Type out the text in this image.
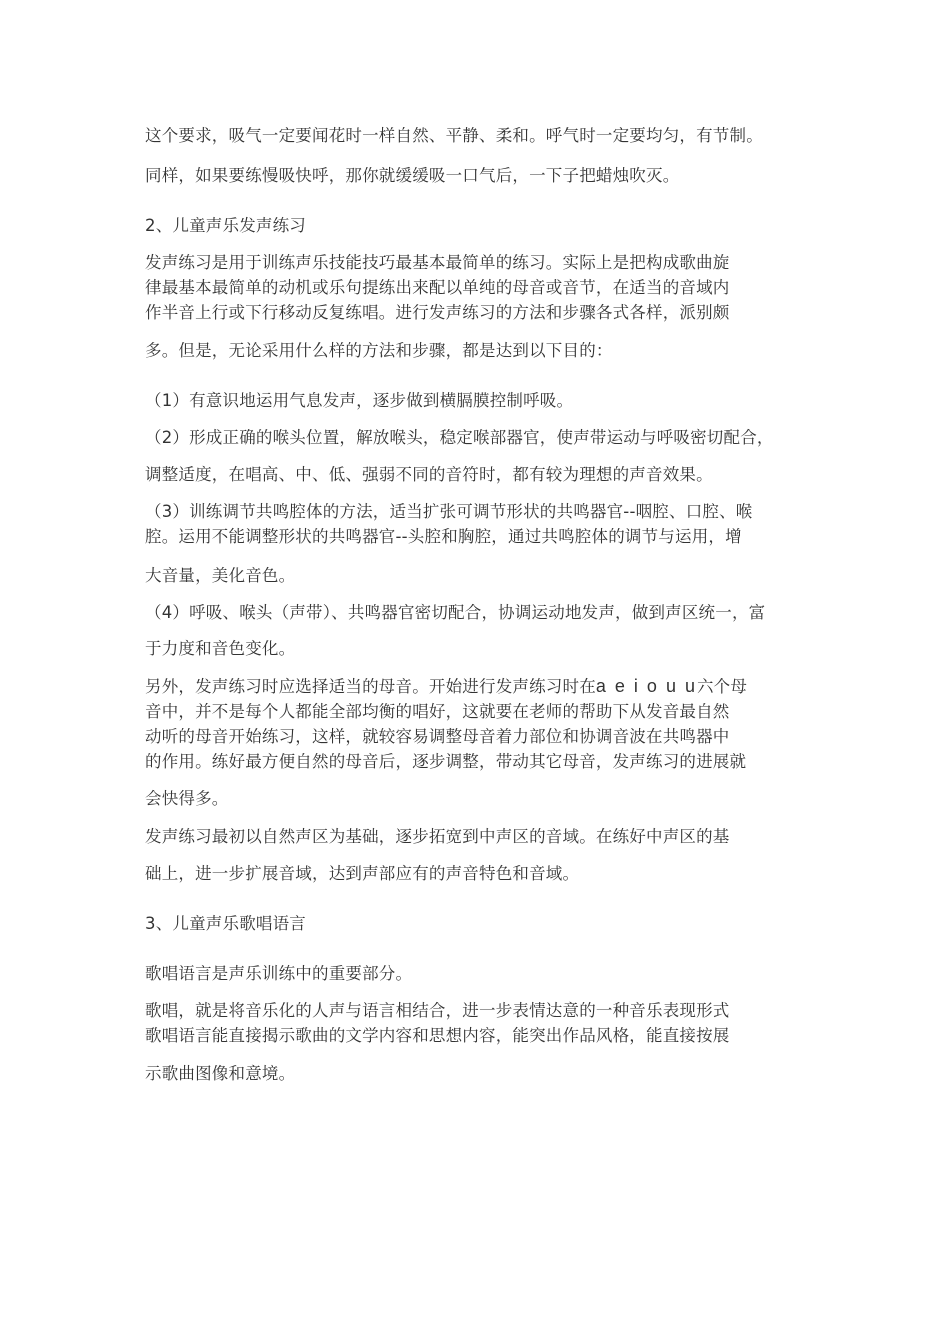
这个要求，吸气一定要闻花时一样自然、平静、柔和。呼气时一定要均匀，有节制。

同样，如果要练慢吸快呼，那你就缓缓吸一口气后，一下子把蜡烛吹灭。

2、儿童声乐发声练习

发声练习是用于训练声乐技能技巧最基本最简单的练习。实际上是把构成歌曲旋

律最基本最简单的动机或乐句提练出来配以单纯的母音或音节，在适当的音域内

作半音上行或下行移动反复练唱。进行发声练习的方法和步骤各式各样，派别颇

多。但是，无论采用什么样的方法和步骤，都是达到以下目的：

（1）有意识地运用气息发声，逐步做到横膈膜控制呼吸。

（2）形成正确的喉头位置，解放喉头，稳定喉部器官，使声带运动与呼吸密切配合，

调整适度，在唱高、中、低、强弱不同的音符时，都有较为理想的声音效果。

（3）训练调节共鸣腔体的方法，适当扩张可调节形状的共鸣器官--咽腔、口腔、喉

腔。运用不能调整形状的共鸣器官--头腔和胸腔，通过共鸣腔体的调节与运用，增

大音量，美化音色。

（4）呼吸、喉头（声带）、共鸣器官密切配合，协调运动地发声，做到声区统一，富

于力度和音色变化。

另外，发声练习时应选择适当的母音。开始进行发声练习时在a e i o u u六个母

音中，并不是每个人都能全部均衡的唱好，这就要在老师的帮助下从发音最自然

动听的母音开始练习，这样，就较容易调整母音着力部位和协调音波在共鸣器中

的作用。练好最方便自然的母音后，逐步调整，带动其它母音，发声练习的进展就

会快得多。

发声练习最初以自然声区为基础，逐步拓宽到中声区的音域。在练好中声区的基

础上，进一步扩展音域，达到声部应有的声音特色和音域。

3、儿童声乐歌唱语言

歌唱语言是声乐训练中的重要部分。

歌唱，就是将音乐化的人声与语言相结合，进一步表情达意的一种音乐表现形式

歌唱语言能直接揭示歌曲的文学内容和思想内容，能突出作品风格，能直接按展

示歌曲图像和意境。
